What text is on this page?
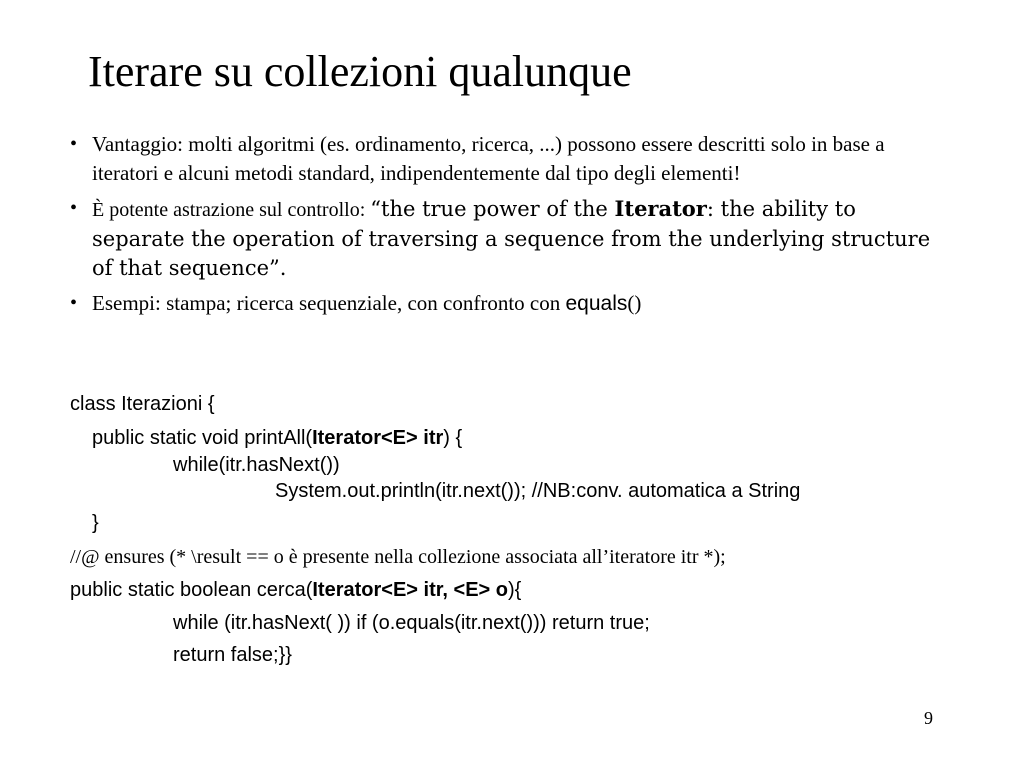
Iterare su collezioni qualunque
• Vantaggio: molti algoritmi (es. ordinamento, ricerca, ...) possono essere descritti solo in base a iteratori e alcuni metodi standard, indipendentemente dal tipo degli elementi!
• È potente astrazione sul controllo: “the true power of the Iterator: the ability to separate the operation of traversing a sequence from the underlying structure of that sequence”.
• Esempi: stampa; ricerca sequenziale, con confronto con equals()
class Iterazioni {
public static void printAll(Iterator<E> itr) {
while(itr.hasNext())
System.out.println(itr.next()); //NB:conv. automatica a String
}
//@ ensures (* \result == o è presente nella collezione associata all’iteratore itr *);
public static boolean cerca(Iterator<E> itr, <E> o){
while (itr.hasNext( )) if (o.equals(itr.next())) return true;
return false;}}
9
